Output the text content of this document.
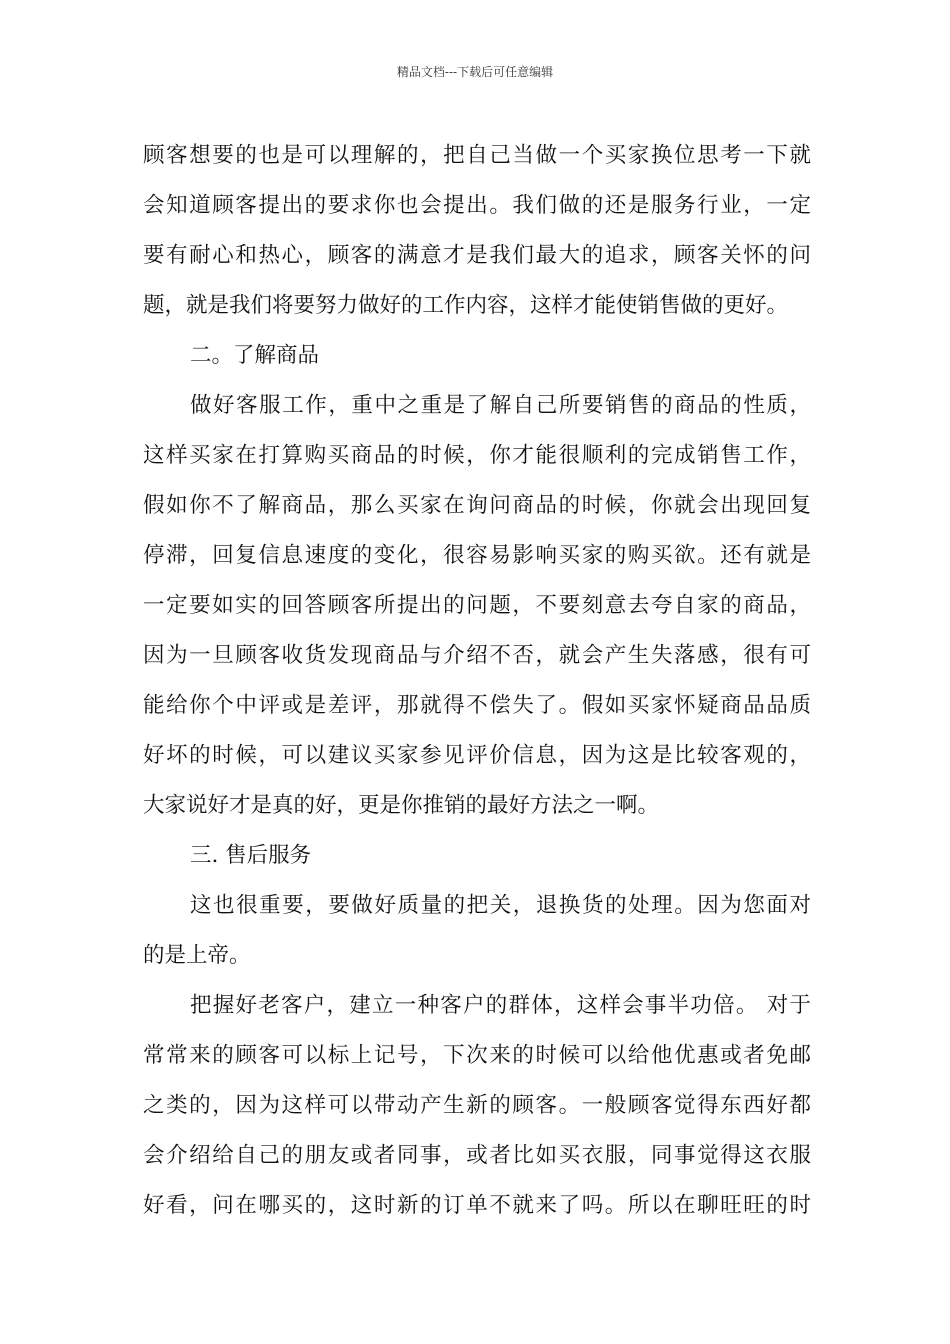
精品文档---下载后可任意编辑
顾客想要的也是可以理解的，把自己当做一个买家换位思考一下就
会知道顾客提出的要求你也会提出。我们做的还是服务行业，一定
要有耐心和热心，顾客的满意才是我们最大的追求，顾客关怀的问
题，就是我们将要努力做好的工作内容，这样才能使销售做的更好。
二。了解商品
做好客服工作，重中之重是了解自己所要销售的商品的性质，
这样买家在打算购买商品的时候，你才能很顺利的完成销售工作，
假如你不了解商品，那么买家在询问商品的时候，你就会出现回复
停滞，回复信息速度的变化，很容易影响买家的购买欲。还有就是
一定要如实的回答顾客所提出的问题，不要刻意去夸自家的商品，
因为一旦顾客收货发现商品与介绍不否，就会产生失落感，很有可
能给你个中评或是差评，那就得不偿失了。假如买家怀疑商品品质
好坏的时候，可以建议买家参见评价信息，因为这是比较客观的，
大家说好才是真的好，更是你推销的最好方法之一啊。
三. 售后服务
这也很重要，要做好质量的把关，退换货的处理。因为您面对
的是上帝。
把握好老客户，建立一种客户的群体，这样会事半功倍。 对于
常常来的顾客可以标上记号，下次来的时候可以给他优惠或者免邮
之类的，因为这样可以带动产生新的顾客。一般顾客觉得东西好都
会介绍给自己的朋友或者同事，或者比如买衣服，同事觉得这衣服
好看，问在哪买的，这时新的订单不就来了吗。所以在聊旺旺的时
